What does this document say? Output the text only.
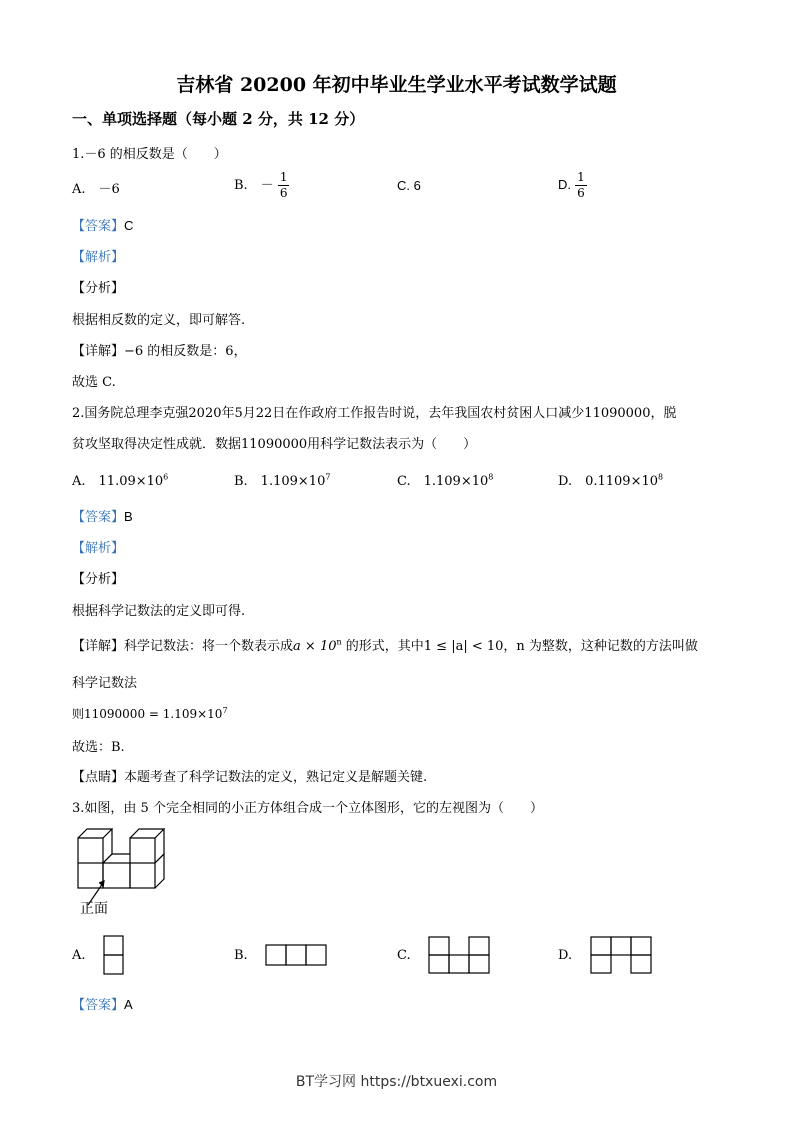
吉林省 20200 年初中毕业生学业水平考试数学试题
一、单项选择题（每小题 2 分，共 12 分）
1.－6 的相反数是（　　）
A.　－6	B.　－ $\frac{1}{6}$	C. 6	D. $\frac{1}{6}$
【答案】C
【解析】
【分析】
根据相反数的定义，即可解答.
【详解】−6 的相反数是：6，
故选 C.
2.国务院总理李克强2020年5月22日在作政府工作报告时说，去年我国农村贫困人口减少11090000，脱
贫攻坚取得决定性成就．数据11090000用科学记数法表示为（　　）
A.　$11.09\times 10^6$	B.　$1.109\times 10^7$	C.　$1.109\times 10^8$	D.　$0.1109\times 10^8$
【答案】B
【解析】
【分析】
根据科学记数法的定义即可得.
【详解】科学记数法：将一个数表示成$a \times 10^n$ 的形式，其中1 ≤ |a| < 10，n 为整数，这种记数的方法叫做
科学记数法
则$11090000 = 1.109\times 10^7$
故选：B.
【点睛】本题考查了科学记数法的定义，熟记定义是解题关键.
3.如图，由 5 个完全相同的小正方体组合成一个立体图形，它的左视图为（　　）
正面
A.	B.	C.	D.
【答案】A
BT学习网 https://btxuexi.com
